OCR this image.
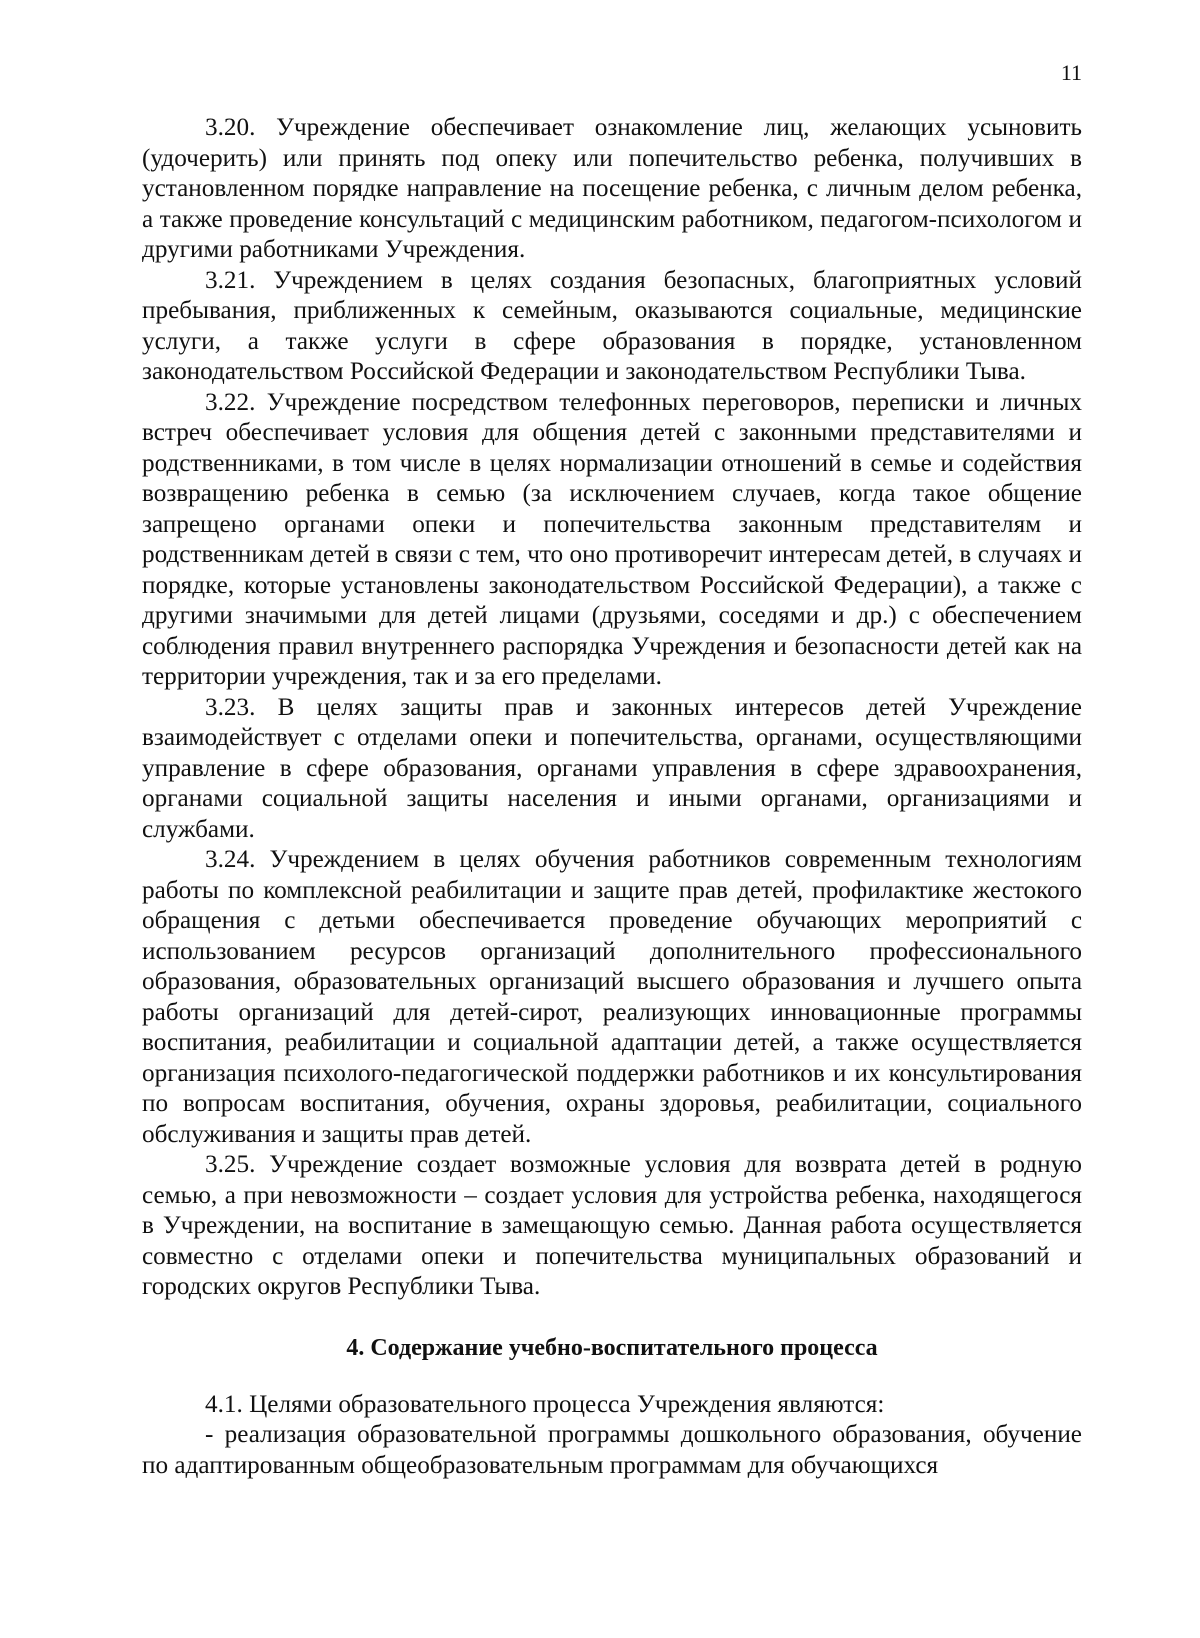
11

3.20. Учреждение обеспечивает ознакомление лиц, желающих усыновить (удочерить) или принять под опеку или попечительство ребенка, получивших в установленном порядке направление на посещение ребенка, с личным делом ребенка, а также проведение консультаций с медицинским работником, педагогом-психологом и другими работниками Учреждения.

3.21. Учреждением в целях создания безопасных, благоприятных условий пребывания, приближенных к семейным, оказываются социальные, медицинские услуги, а также услуги в сфере образования в порядке, установленном законодательством Российской Федерации и законодательством Республики Тыва.

3.22. Учреждение посредством телефонных переговоров, переписки и личных встреч обеспечивает условия для общения детей с законными представителями и родственниками, в том числе в целях нормализации отношений в семье и содействия возвращению ребенка в семью (за исключением случаев, когда такое общение запрещено органами опеки и попечительства законным представителям и родственникам детей в связи с тем, что оно противоречит интересам детей, в случаях и порядке, которые установлены законодательством Российской Федерации), а также с другими значимыми для детей лицами (друзьями, соседями и др.) с обеспечением соблюдения правил внутреннего распорядка Учреждения и безопасности детей как на территории учреждения, так и за его пределами.

3.23. В целях защиты прав и законных интересов детей Учреждение взаимодействует с отделами опеки и попечительства, органами, осуществляющими управление в сфере образования, органами управления в сфере здравоохранения, органами социальной защиты населения и иными органами, организациями и службами.

3.24. Учреждением в целях обучения работников современным технологиям работы по комплексной реабилитации и защите прав детей, профилактике жестокого обращения с детьми обеспечивается проведение обучающих мероприятий с использованием ресурсов организаций дополнительного профессионального образования, образовательных организаций высшего образования и лучшего опыта работы организаций для детей-сирот, реализующих инновационные программы воспитания, реабилитации и социальной адаптации детей, а также осуществляется организация психолого-педагогической поддержки работников и их консультирования по вопросам воспитания, обучения, охраны здоровья, реабилитации, социального обслуживания и защиты прав детей.

3.25. Учреждение создает возможные условия для возврата детей в родную семью, а при невозможности – создает условия для устройства ребенка, находящегося в Учреждении, на воспитание в замещающую семью. Данная работа осуществляется совместно с отделами опеки и попечительства муниципальных образований и городских округов Республики Тыва.

4. Содержание учебно-воспитательного процесса

4.1. Целями образовательного процесса Учреждения являются:

- реализация образовательной программы дошкольного образования, обучение по адаптированным общеобразовательным программам для обучающихся
